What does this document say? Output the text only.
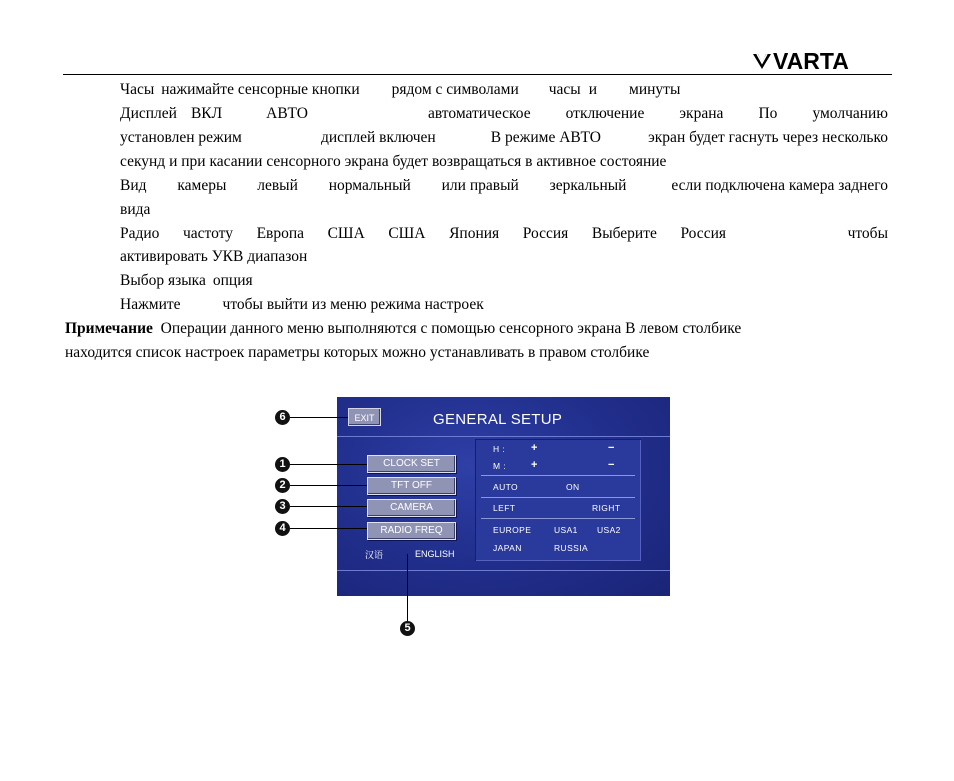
VARTA
Часы нажимайте сенсорные кнопки рядом с символами часы и минуты
Дисплей ВКЛ	АВТО	автоматическое отключение экрана По умолчанию
установлен режим	дисплей включен	В режиме АВТО	экран будет гаснуть через несколько
секунд и при касании сенсорного экрана будет возвращаться в активное состояние
Вид камеры левый нормальный или правый зеркальный	если подключена камера заднего
вида
Радио частоту Европа США США Япония Россия Выберите Россия	чтобы
активировать УКВ диапазон
Выбор языка опция
Нажмите	чтобы выйти из меню режима настроек
Примечание Операции данного меню выполняются с помощью сенсорного экрана В левом столбике
находится список настроек параметры которых можно устанавливать в правом столбике
EXIT	GENERAL SETUP
CLOCK SET
TFT OFF
CAMERA
RADIO FREQ
H : +	−
M : +	−
AUTO	ON
LEFT	RIGHT
EUROPE	USA1 USA2
JAPAN	RUSSIA
汉语	ENGLISH
6
1
2
3
4
5
